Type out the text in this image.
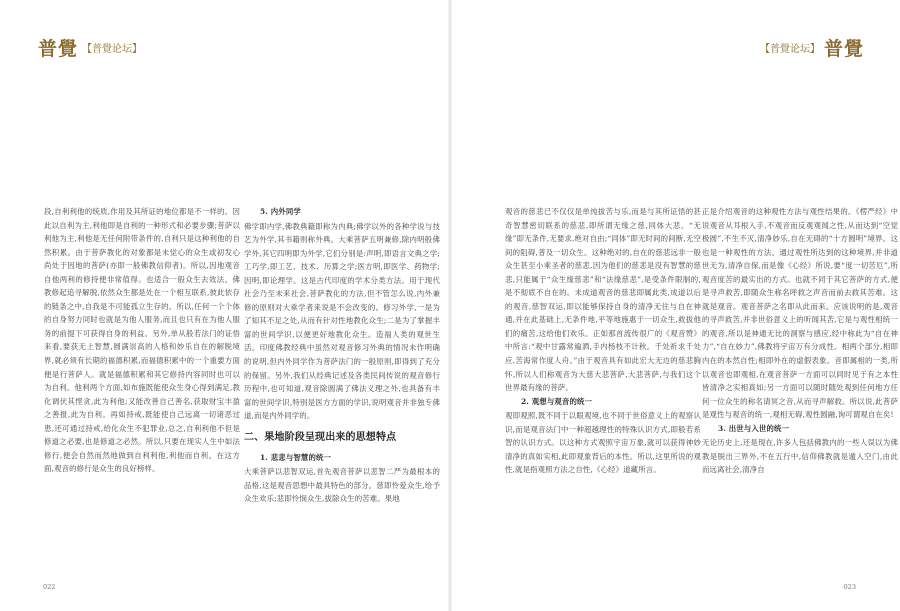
普覺 【普覺论坛】

段,自利利他的统质,作用及其所证的地位都是不一样的。因此以自利为主,利他即是自利的一种形式和必要步骤;菩萨以利他为主,利他是无任何附带条件的,自利只是这种利他的自然积累。由于菩萨教化的对象都是未觉心的众生或初发心尚处于因地的菩萨(亦即一般佛教信仰者)。所以,因地观音自他两利的修持便非常值得。也适合一般众生去效法。佛教修起追寻解脱,依然众生都是处在一个相互联系,彼此依存的链条之中,自我是不可能孤立生存的。所以,任何一个个体的自身努力同时也就是为他人服务,而且也只有在为他人服务的前提下可获得自身的利益。另外,单从般若法门的证悟来看,要获无上智慧,圆满崇高的人格和妙乐自在的解脱境界,就必须有长期的福德积累,而福德积累中的一个重要方面便是行菩萨人。就是福德积累和其它修持内容同时也可以为自利。他利两个方面,如布施既能使众生身心得到满足,教化调伏其悭贪,此为利他;又能改善自己善名,获取财宝丰盈之善报,此为自利。再如持戒,既能使自己远离一切诸恶过患,还可通过持戒,给化众生不犯罪业,总之,自利利他不但是修道之必要,也是修道之必然。所以,只要在现实人生中如法修行,便会自然而然地做到自利利他,利他而自利。在这方面,观音的修行是众生的良好榜样。

5. 内外同学

佛学即内学,佛教典籍即称为内典;佛学以外的各种学说与技艺为外学,其书籍则称外典。大乘菩萨五明兼修,除内明般佛学外,其它四明即为外学,它们分别是:声明,即语言文典之学;工巧学,即工艺、技术、历算之学;医方明,即医学、药物学;因明,即论理学。这是古代印度的学术分类方法。用于现代社会乃至未来社会,菩萨教化的方法,但不管怎么说,内外兼修的原则对大乘学者来说是不会改变的。修习外学,一是为了知其不足之处,从而有针对性地教化众生;二是为了掌握丰富的世间学识,以便更好地教化众生。造福人类的观世生活。印度佛教经典中虽然对观音修习外典的情况未作明确的说明,但内外同学作为菩萨法门的一般原则,即得到了充分的保留。另外,我们从经典记述及各类民间传说的观音修行历程中,也可知道,观音除圆满了佛法义理之外,也具备有丰富的世间学识,特别是医方方面的学识,说明观音并非独专佛道,而是内外同学的。

二、果地阶段呈现出来的思想特点

1. 悲悲与智慧的统一

大乘菩萨以悲智双运,首先观音菩萨以悲智二严为最根本的品格,这是观音思想中最具特色的部分。慈即怜爱众生,给予众生欢乐;悲即怜悯众生,拔除众生的苦难。果地

022
普覺
【普覺论坛】
023

观音的慈悲已不仅仅是单纯拔苦与乐,而是与其所证悟的甚奇智慧密切联系的慈悲,即所谓无缘之慈,同体大悲。“无缘”即无条件,无要求,绝对自由;“同体”即无时间的间断,无空间的阻碍,普及一切众生。这种绝对的,自在的慈悲远非一般众生甚至小乘圣者的慈悲,因为他们的慈悲是没有智慧的慈悲,只能属于“众生缘慈悲”和“法缘慈悲”,是受条件限制的,是不彻底不自在的。未成道观音的慈悲即属此类,成道以后的观音,慈智双运,即以能够保持自身的清净无住与自在神通,并在此基础上,无条件地,平等地施惠于一切众生,救拔他们的痛苦,这给他们欢乐。正如那首流传很广的《观音赞》中所言:“观中甘露常遍洒,手内杨枝不计秋。千处祈求千处应,苦海常作度人舟。”由于观音具有如此宏大无边的慈悲胸怀,所以人们称观音为大慈大悲菩萨,大悲菩萨,与我们这个世界最有缘的菩萨。

2. 观想与观音的统一

观即观照,既不同于以眼观境,也不同于世俗意义上的观察认识,而是观音法门中一种超越理性的特殊认识方式,即般若系智的认识方式。以这种方式观照宇宙万象,就可以获得神妙清净的真如实相,此即观象背后的本性。所以,这里所说的观性,就是指观照方法之自性,《心经》道藏所言。

正是介绍观音的这种观性方法与观性结果的。《楞严经》中说观音从耳根入手,不观音而反观观闻之性,从而达到“空觉极圆”,不生不灭,清净妙乐,自在无碍的“十方圆明”境界。这也是一种观性的方法。通过观性所达到的这种境界,并非道世无为,清净自保,而是像《心经》所说,要“度一切苦厄”,所观音度苦的最实出的方式。也就不同于其它菩萨的方式,便是寻声救苦,即随众生称名呼救之声音而前去救其苦难。这就是观音。观音菩萨之名即从此而来。应该说明的是,观音的寻声救苦,并非世俗意义上的听闻其苦,它是与观性相统一的观音,所以是神通无比的洞察与感应,经中称此为“自在神力”,“自在妙力”,佛教将宇宙万有分成性、相两个部分,相即内在的本然自性;相即外在的虚假表象。音即属相的一类,所以观音也即观相,在观音菩萨一方面可以同时见于有之本性皆清净之实相真如;另一方面可以随时随处观到任何地方任何一位众生的称名请冥之音,从而寻声解救。所以说,此菩萨是观性与观音的统一,观相无碍,观性圆融,询可谓观自在矣!

3. 出世与入世的统一

无论历史上,还是现在,许多人包括佛教内的一些人误以为佛教是脱出三界外,不在五行中,信仰佛教就是遁入空门,由此而远离社会,清净自
